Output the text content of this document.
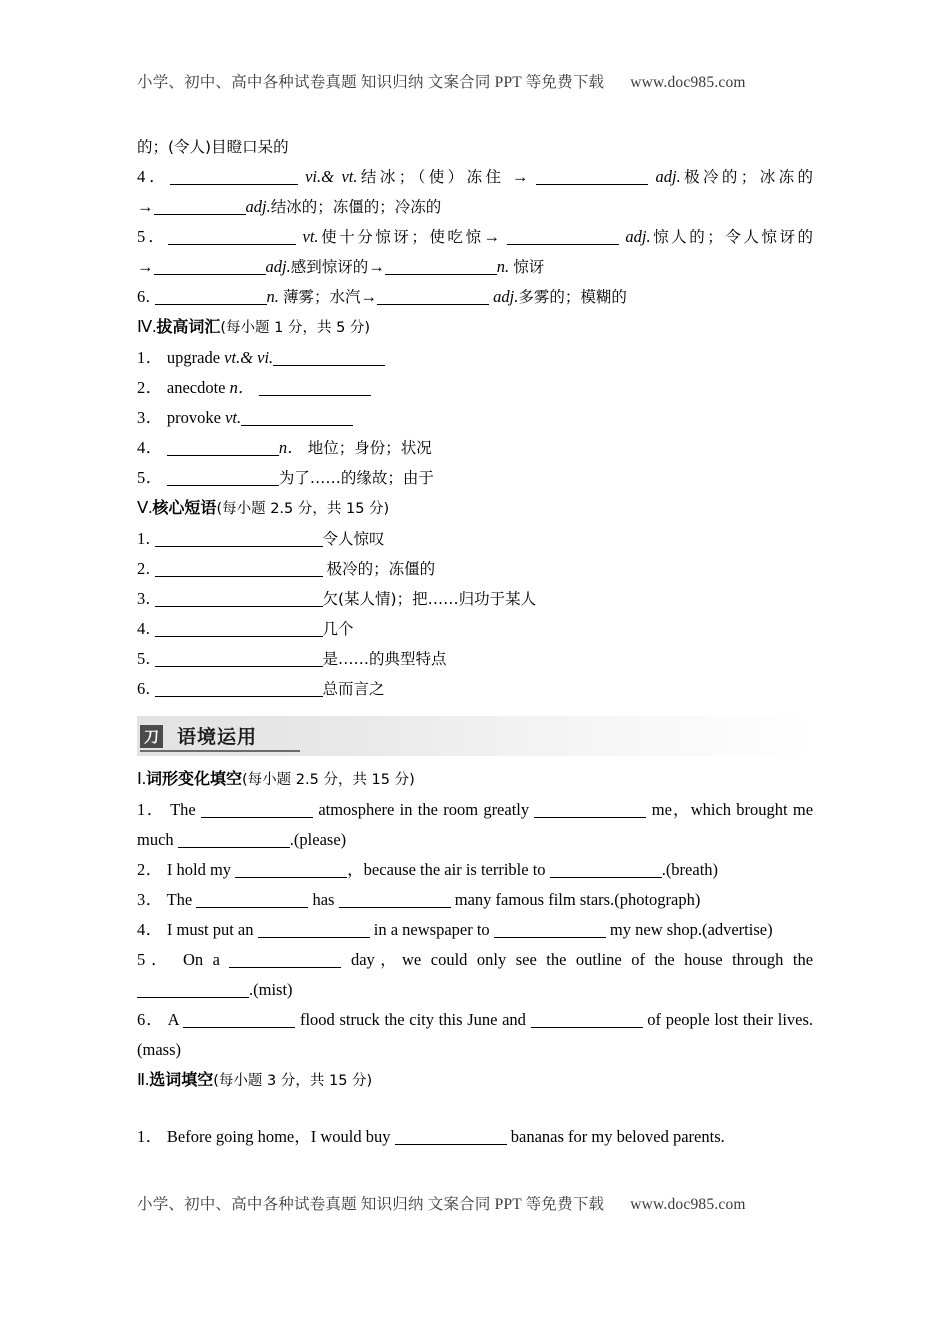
小学、初中、高中各种试卷真题 知识归纳 文案合同 PPT 等免费下载 www.doc985.com

的；(令人)目瞪口呆的

4．	vi.& vt.结冰；（使）冻住 →	adj.极冷的；冰冻的

→	adj.结冰的；冻僵的；冷冻的

5．	vt.使十分惊讶；使吃惊→	adj.惊人的；令人惊讶的

→	adj.感到惊讶的→	n. 惊讶

6.	n. 薄雾；水汽→	adj.多雾的；模糊的

Ⅳ.拔高词汇(每小题 1 分，共 5 分)

1． upgrade vt.& vi.

2． anecdote n．

3． provoke vt.

4．	n． 地位；身份；状况

5．	为了……的缘故；由于

Ⅴ.核心短语(每小题 2.5 分，共 15 分)

1.	令人惊叹

2.	极冷的；冻僵的

3.	欠(某人情)；把……归功于某人

4.	几个

5.	是……的典型特点

6.	总而言之

刀 语境运用

Ⅰ.词形变化填空(每小题 2.5 分，共 15 分)

1． The	atmosphere in the room greatly	me，which brought me much	.(please)

2． I hold my	，because the air is terrible to	.(breath)

3． The	has	many famous film stars.(photograph)

4． I must put an	in a newspaper to	my new shop.(advertise)

5． On a	day，we could only see the outline of the house through the .(mist)

6． A	flood struck the city this June and	of people lost their lives. (mass)

Ⅱ.选词填空(每小题 3 分，共 15 分)

1． Before going home，I would buy	bananas for my beloved parents.

小学、初中、高中各种试卷真题 知识归纳 文案合同 PPT 等免费下载 www.doc985.com
